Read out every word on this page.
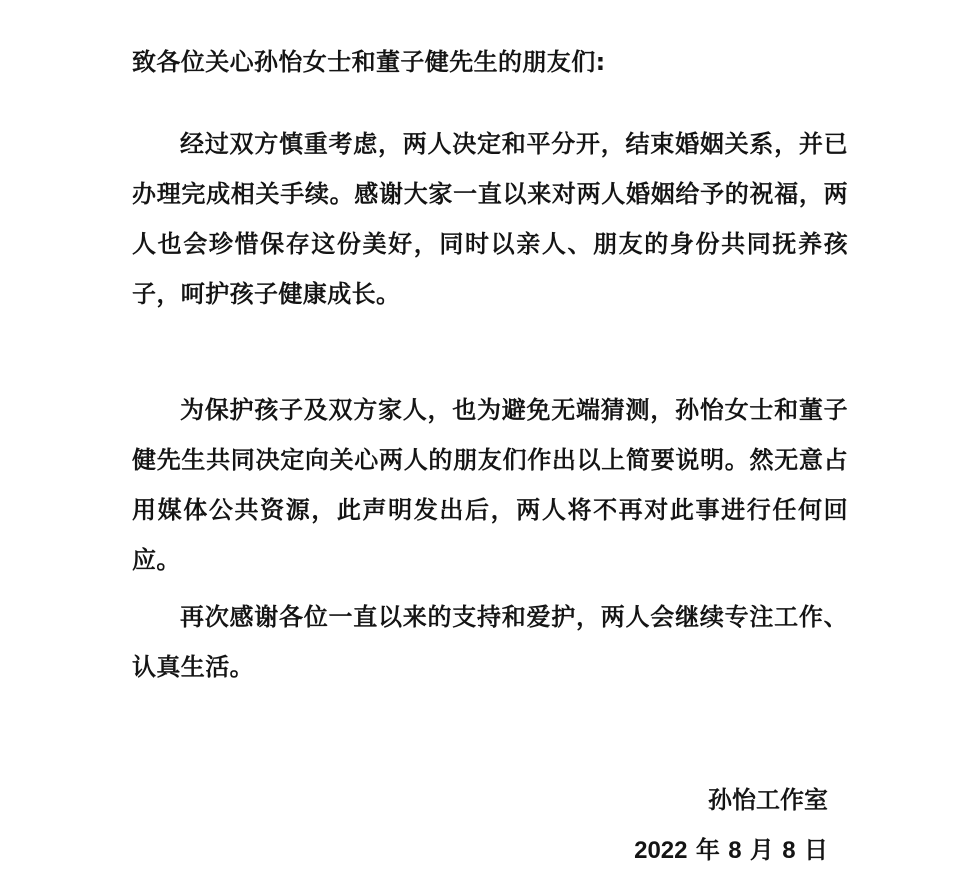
致各位关心孙怡女士和董子健先生的朋友们:

经过双方慎重考虑，两人决定和平分开，结束婚姻关系，并已办理完成相关手续。感谢大家一直以来对两人婚姻给予的祝福，两人也会珍惜保存这份美好，同时以亲人、朋友的身份共同抚养孩子，呵护孩子健康成长。

为保护孩子及双方家人，也为避免无端猜测，孙怡女士和董子健先生共同决定向关心两人的朋友们作出以上简要说明。然无意占用媒体公共资源，此声明发出后，两人将不再对此事进行任何回应。

再次感谢各位一直以来的支持和爱护，两人会继续专注工作、认真生活。

孙怡工作室
2022 年 8 月 8 日
